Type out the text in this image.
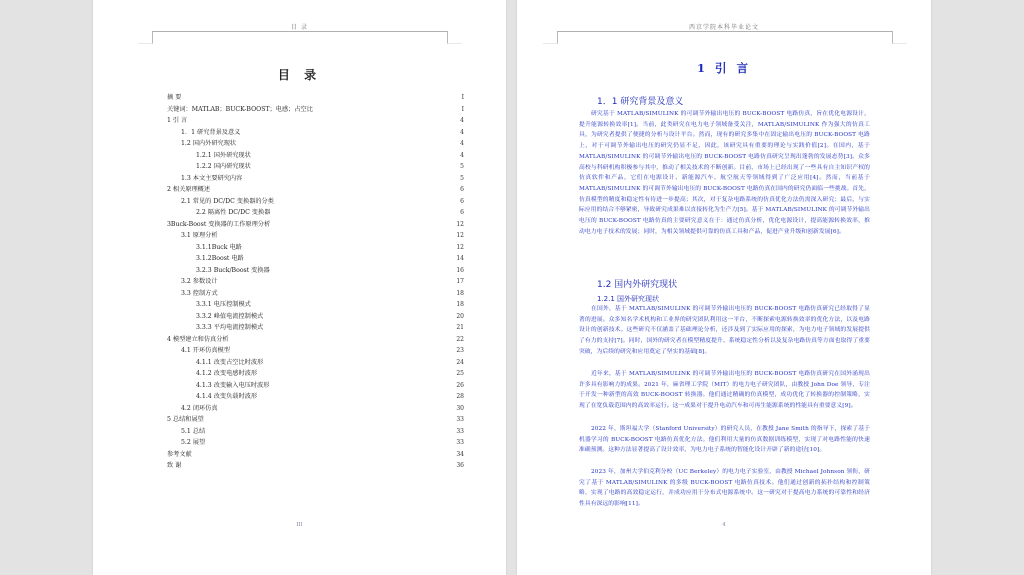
目 录
目 录
摘 要	I
关键词：MATLAB；BUCK-BOOST；电感；占空比	I
1 引 言	4
1．1 研究背景及意义	4
1.2 国内外研究现状	4
1.2.1 国外研究现状	4
1.2.2 国内研究现状	5
1.3 本文主要研究内容	5
2 相关原理概述	6
2.1 常见的 DC/DC 变换器的分类	6
2.2 隔离性 DC/DC 变换器	6
3Buck-Boost 变换器的工作原理分析	12
3.1 原理分析	12
3.1.1Buck 电路	12
3.1.2Boost 电路	14
3.2.3 Buck/Boost 变换器	16
3.2 参数设计	17
3.3 控制方式	18
3.3.1 电压控制模式	18
3.3.2 峰值电流控制模式	20
3.3.3 平均电流控制模式	21
4 模型建立和仿真分析	22
4.1 开环仿真模型	23
4.1.1 改变占空比时波形	24
4.1.2 改变电感时波形	25
4.1.3 改变输入电压时波形	26
4.1.4 改变负载时波形	28
4.2 闭环仿真	30
5 总结和展望	33
5.1 总结	33
5.2 展望	33
参考文献	34
致 谢	36
III
西京学院本科毕业论文
1 引 言
1．1 研究背景及意义
研究基于 MATLAB/SIMULINK 的可调节外输出电压的 BUCK-BOOST 电路仿真，旨在优化电源设计，提升能源转换效率[1]。当前，此类研究在电力电子领域备受关注，MATLAB/SIMULINK 作为强大的仿真工具，为研究者提供了便捷的分析与设计平台。然而，现有的研究多集中在固定输出电压的 BUCK-BOOST 电路上，对于可调节外输出电压的研究仍显不足，因此，该研究具有重要的理论与实践价值[2]。在国内，基于 MATLAB/SIMULINK 的可调节外输出电压的 BUCK-BOOST 电路仿真研究呈现出蓬勃的发展态势[3]。众多高校与科研机构积极参与其中，推动了相关技术的不断创新。目前，市场上已经出现了一些具有自主知识产权的仿真软件和产品，它们在电源设计、新能源汽车、航空航天等领域得到了广泛应用[4]。然而，当前基于 MATLAB/SIMULINK 的可调节外输出电压的 BUCK-BOOST 电路仿真在国内的研究仍面临一些挑战。首先，仿真模型的精度和稳定性有待进一步提高；其次，对于复杂电路系统的仿真优化方法仍需深入研究；最后，与实际应用的结合不够紧密，导致研究成果难以直接转化为生产力[5]。基于 MATLAB/SIMULINK 的可调节外输出电压的 BUCK-BOOST 电路仿真的主要研究意义在于：通过仿真分析，优化电源设计，提高能源转换效率，推动电力电子技术的发展；同时，为相关领域提供可靠的仿真工具和产品，促进产业升级和创新发展[6]。
1.2 国内外研究现状
1.2.1 国外研究现状
在国外，基于 MATLAB/SIMULINK 的可调节外输出电压的 BUCK-BOOST 电路仿真研究已经取得了显著的进展。众多知名学术机构和工业界的研究团队利用这一平台，不断探索电源转换效率的优化方法，以及电路设计的创新技术。这些研究不仅涵盖了基础理论分析，还涉及到了实际应用的探索，为电力电子领域的发展提供了有力的支持[7]。同时，国外的研究者在模型精度提升、系统稳定性分析以及复杂电路仿真等方面也取得了重要突破，为后续的研究和应用奠定了坚实的基础[8]。
近年来，基于 MATLAB/SIMULINK 的可调节外输出电压的 BUCK-BOOST 电路仿真研究在国外涌现出许多具有影响力的成果。2021 年，麻省理工学院（MIT）的电力电子研究团队，由教授 John Doe 领导，专注于开发一种新型的高效 BUCK-BOOST 转换器。他们通过精确的仿真模型，成功优化了转换器的控制策略，实现了在宽负载范围内的高效率运行。这一成果对于提升电动汽车和可再生能源系统的性能具有重要意义[9]。
2022 年，斯坦福大学（Stanford University）的研究人员，在教授 Jane Smith 的指导下，探索了基于机器学习的 BUCK-BOOST 电路仿真优化方法。他们利用大量的仿真数据训练模型，实现了对电路性能的快速准确预测。这种方法显著提高了设计效率，为电力电子系统的智能化设计开辟了新的途径[10]。
2023 年，加州大学伯克利分校（UC Berkeley）的电力电子实验室，由教授 Michael Johnson 领衔，研究了基于 MATLAB/SIMULINK 的多级 BUCK-BOOST 电路仿真技术。他们通过创新的拓扑结构和控制策略，实现了电路的高效稳定运行，并成功应用于分布式电源系统中。这一研究对于提高电力系统的可靠性和经济性具有深远的影响[11]。
4
